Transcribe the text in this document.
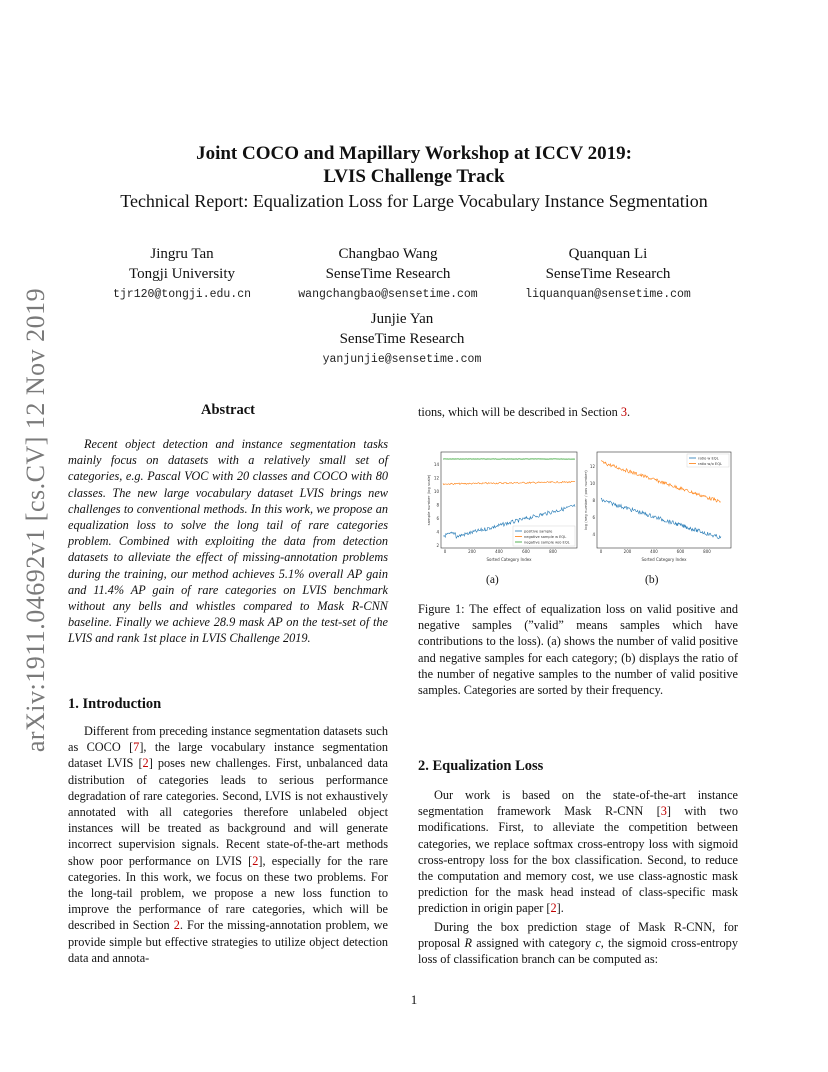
arXiv:1911.04692v1 [cs.CV] 12 Nov 2019
Joint COCO and Mapillary Workshop at ICCV 2019:
LVIS Challenge Track
Technical Report: Equalization Loss for Large Vocabulary Instance Segmentation
Jingru Tan
Tongji University
tjr120@tongji.edu.cn
Changbao Wang
SenseTime Research
wangchangbao@sensetime.com
Quanquan Li
SenseTime Research
liquanquan@sensetime.com
Junjie Yan
SenseTime Research
yanjunjie@sensetime.com
Abstract
Recent object detection and instance segmentation tasks mainly focus on datasets with a relatively small set of categories, e.g. Pascal VOC with 20 classes and COCO with 80 classes. The new large vocabulary dataset LVIS brings new challenges to conventional methods. In this work, we propose an equalization loss to solve the long tail of rare categories problem. Combined with exploiting the data from detection datasets to alleviate the effect of missing-annotation problems during the training, our method achieves 5.1% overall AP gain and 11.4% AP gain of rare categories on LVIS benchmark without any bells and whistles compared to Mask R-CNN baseline. Finally we achieve 28.9 mask AP on the test-set of the LVIS and rank 1st place in LVIS Challenge 2019.
1. Introduction
Different from preceding instance segmentation datasets such as COCO [7], the large vocabulary instance segmentation dataset LVIS [2] poses new challenges. First, unbalanced data distribution of categories leads to serious performance degradation of rare categories. Second, LVIS is not exhaustively annotated with all categories therefore unlabeled object instances will be treated as background and will generate incorrect supervision signals. Recent state-of-the-art methods show poor performance on LVIS [2], especially for the rare categories. In this work, we focus on these two problems. For the long-tail problem, we propose a new loss function to improve the performance of rare categories, which will be described in Section 2. For the missing-annotation problem, we provide simple but effective strategies to utilize object detection data and annota-
tions, which will be described in Section 3.
14
12
10
8
6
4
2
0	200	400	600	800
positive sample
negative sample w EQL
negative sample w/o EQL
Sorted Category Index
sample number (log scale)
12
10
8
6
4
0	200	400	600	800
ratio w EQL
ratio w/o EQL
Sorted Category Index
log (neg number / pos number)
(a)	(b)
Figure 1: The effect of equalization loss on valid positive and negative samples (”valid” means samples which have contributions to the loss). (a) shows the number of valid positive and negative samples for each category; (b) displays the ratio of the number of negative samples to the number of valid positive samples. Categories are sorted by their frequency.
2. Equalization Loss

Our work is based on the state-of-the-art instance segmentation framework Mask R-CNN [3] with two modifications. First, to alleviate the competition between categories, we replace softmax cross-entropy loss with sigmoid cross-entropy loss for the box classification. Second, to reduce the computation and memory cost, we use class-agnostic mask prediction for the mask head instead of class-specific mask prediction in origin paper [2].

During the box prediction stage of Mask R-CNN, for proposal R assigned with category c, the sigmoid cross-entropy loss of classification branch can be computed as:

1
